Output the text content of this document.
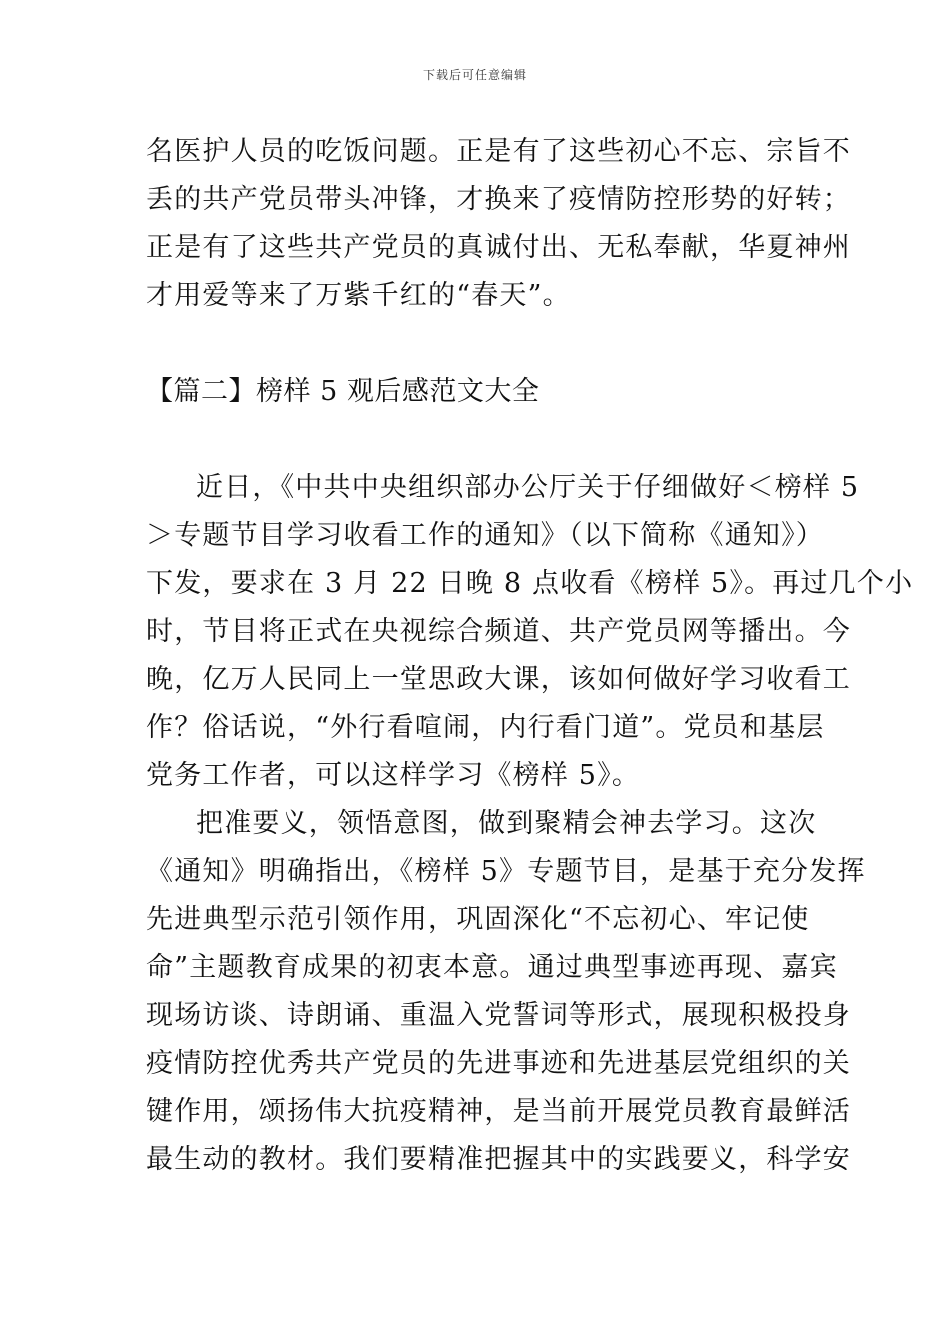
下载后可任意编辑
名医护人员的吃饭问题。正是有了这些初心不忘、宗旨不
丢的共产党员带头冲锋，才换来了疫情防控形势的好转；
正是有了这些共产党员的真诚付出、无私奉献，华夏神州
才用爱等来了万紫千红的“春天”。
【篇二】榜样 5 观后感范文大全
近日，《中共中央组织部办公厅关于仔细做好＜榜样 5
＞专题节目学习收看工作的通知》（以下简称《通知》）
下发，要求在 3 月 22 日晚 8 点收看《榜样 5》。再过几个小
时，节目将正式在央视综合频道、共产党员网等播出。今
晚，亿万人民同上一堂思政大课，该如何做好学习收看工
作？俗话说，“外行看喧闹，内行看门道”。党员和基层
党务工作者，可以这样学习《榜样 5》。
把准要义，领悟意图，做到聚精会神去学习。这次
《通知》明确指出，《榜样 5》专题节目，是基于充分发挥
先进典型示范引领作用，巩固深化“不忘初心、牢记使
命”主题教育成果的初衷本意。通过典型事迹再现、嘉宾
现场访谈、诗朗诵、重温入党誓词等形式，展现积极投身
疫情防控优秀共产党员的先进事迹和先进基层党组织的关
键作用，颂扬伟大抗疫精神，是当前开展党员教育最鲜活
最生动的教材。我们要精准把握其中的实践要义，科学安
